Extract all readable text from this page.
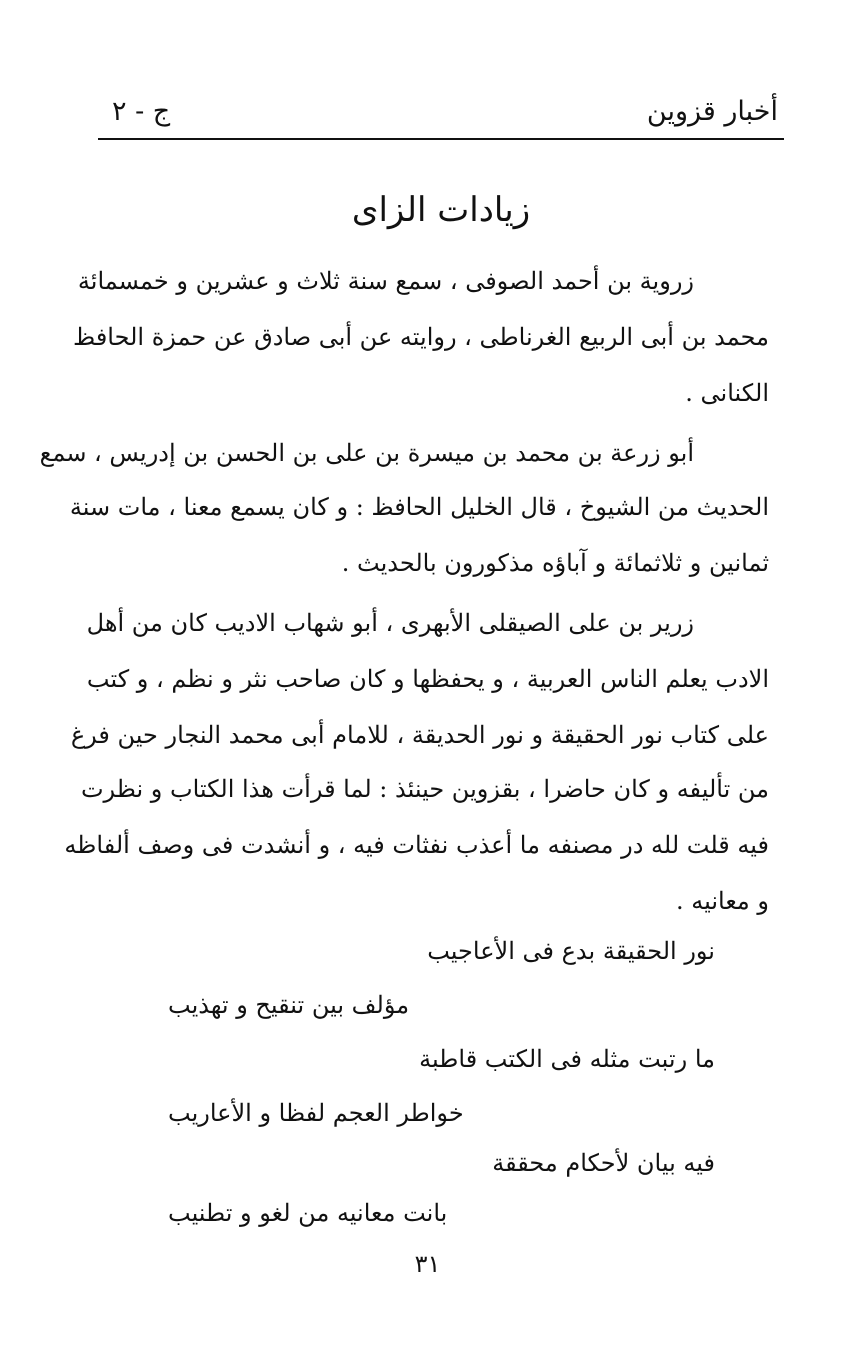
أخبار قزوين
ج - ٢
زيادات الزاى
زروية بن أحمد الصوفى ، سمع سنة ثلاث و عشرين و خمسمائة
محمد بن أبى الربيع الغرناطى ، روايته عن أبى صادق عن حمزة الحافظ
الكنانى .
أبو زرعة بن محمد بن ميسرة بن على بن الحسن بن إدريس ، سمع
الحديث من الشيوخ ، قال الخليل الحافظ : و كان يسمع معنا ، مات سنة
ثمانين و ثلاثمائة و آباؤه مذكورون بالحديث .
زرير بن على الصيقلى الأبهرى ، أبو شهاب الاديب كان من أهل
الادب يعلم الناس العربية ، و يحفظها و كان صاحب نثر و نظم ، و كتب
على كتاب نور الحقيقة و نور الحديقة ، للامام أبى محمد النجار حين فرغ
من تأليفه و كان حاضرا ، بقزوين حينئذ : لما قرأت هذا الكتاب و نظرت
فيه قلت لله در مصنفه ما أعذب نفثات فيه ، و أنشدت فى وصف ألفاظه
و معانيه .
نور الحقيقة بدع فى الأعاجيب
مؤلف بين تنقيح و تهذيب
ما رتبت مثله فى الكتب قاطبة
خواطر العجم لفظا و الأعاريب
فيه بيان لأحكام محققة
بانت معانيه من لغو و تطنيب
٣١
